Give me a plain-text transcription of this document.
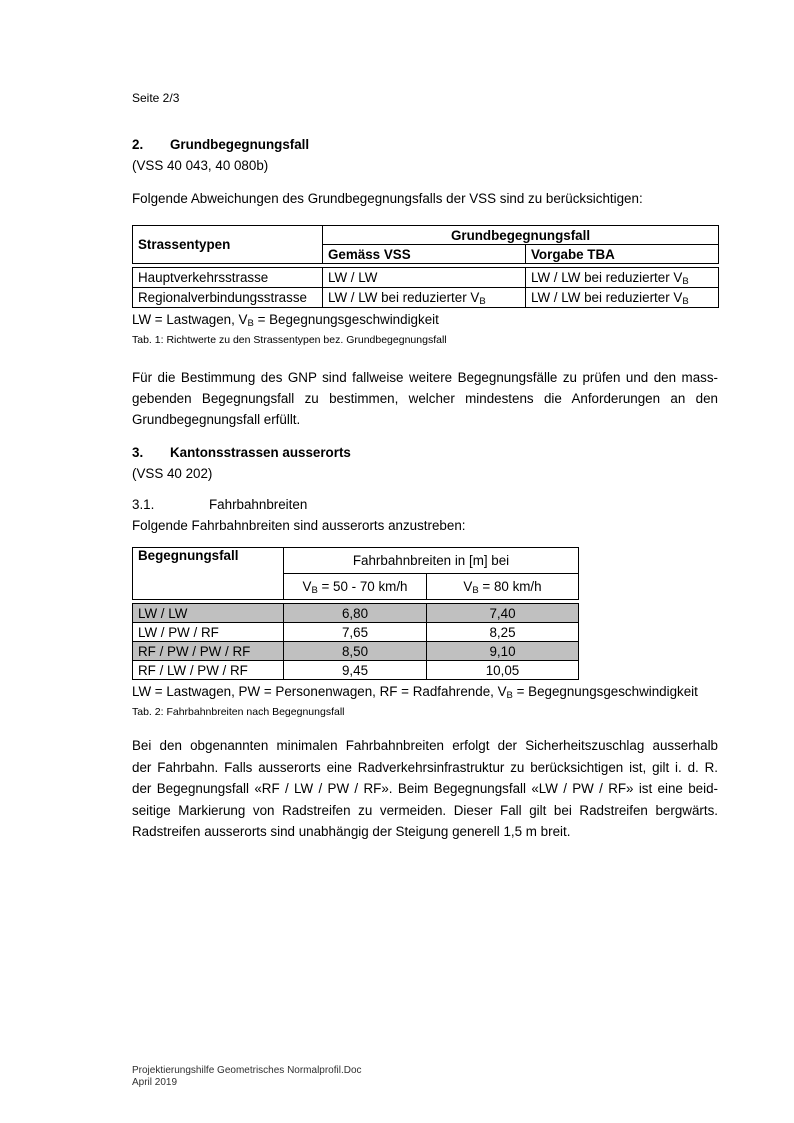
Seite 2/3
2. Grundbegegnungsfall
(VSS 40 043, 40 080b)
Folgende Abweichungen des Grundbegegnungsfalls der VSS sind zu berücksichtigen:
Strassentypen	Grundbegegnungsfall	
	Gemäss VSS	Vorgabe TBA
Hauptverkehrsstrasse	LW / LW	LW / LW bei reduzierter $V_B$
Regionalverbindungsstrasse	LW / LW bei reduzierter $V_B$	LW / LW bei reduzierter $V_B$
LW = Lastwagen, $V_B$ = Begegnungsgeschwindigkeit
Tab. 1: Richtwerte zu den Strassentypen bez. Grundbegegnungsfall
Für die Bestimmung des GNP sind fallweise weitere Begegnungsfälle zu prüfen und den mass-
gebenden Begegnungsfall zu bestimmen, welcher mindestens die Anforderungen an den
Grundbegegnungsfall erfüllt.
3. Kantonsstrassen ausserorts
(VSS 40 202)
3.1.	Fahrbahnbreiten
Folgende Fahrbahnbreiten sind ausserorts anzustreben:
Begegnungsfall	Fahrbahnbreiten in [m] bei	
	$V_B = 50 - 70$ km/h	$V_B = 80$ km/h
LW / LW	6,80	7,40
LW / PW / RF	7,65	8,25
RF / PW / PW / RF	8,50	9,10
RF / LW / PW / RF	9,45	10,05
LW = Lastwagen, PW = Personenwagen, RF = Radfahrende, $V_B$ = Begegnungsgeschwindigkeit
Tab. 2: Fahrbahnbreiten nach Begegnungsfall
Bei den obgenannten minimalen Fahrbahnbreiten erfolgt der Sicherheitszuschlag ausserhalb
der Fahrbahn. Falls ausserorts eine Radverkehrsinfrastruktur zu berücksichtigen ist, gilt i. d. R.
der Begegnungsfall «RF / LW / PW / RF». Beim Begegnungsfall «LW / PW / RF» ist eine beid-
seitige Markierung von Radstreifen zu vermeiden. Dieser Fall gilt bei Radstreifen bergwärts.
Radstreifen ausserorts sind unabhängig der Steigung generell 1,5 m breit.
Projektierungshilfe Geometrisches Normalprofil.Doc
April 2019
